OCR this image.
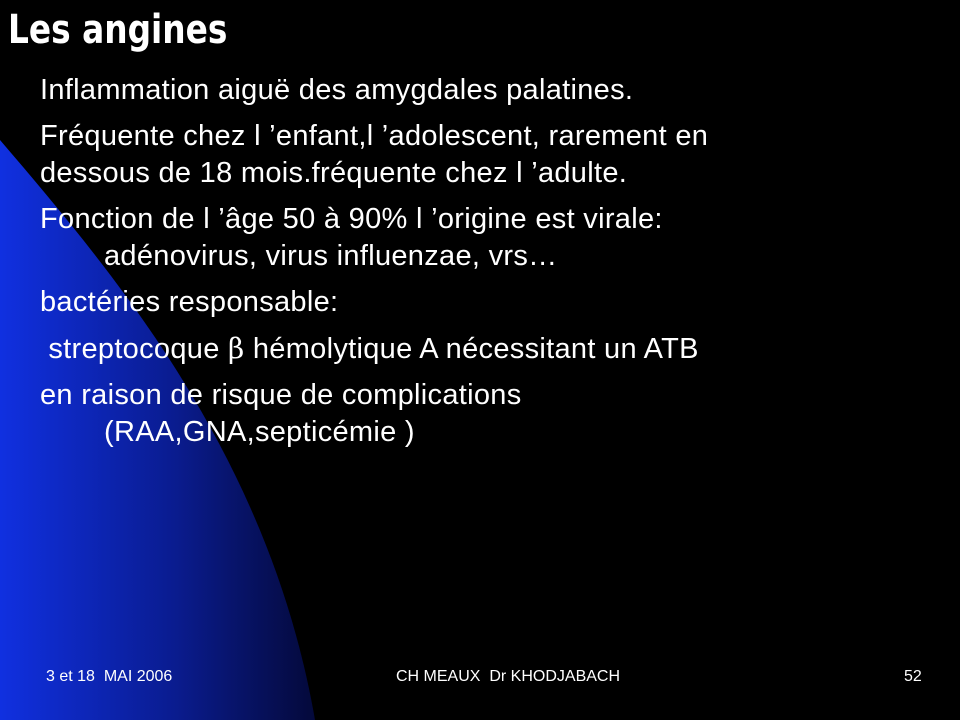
Les angines
Inflammation aiguë des amygdales palatines.
Fréquente chez l ’enfant,l ’adolescent, rarement en
dessous de 18 mois.fréquente chez l ’adulte.
Fonction de l ’âge 50 à 90% l ’origine est virale:
adénovirus, virus influenzae, vrs…
bactéries responsable:
streptocoque β hémolytique A nécessitant un ATB
en raison de risque de complications
(RAA,GNA,septicémie )
3 et 18  MAI 2006	CH MEAUX  Dr KHODJABACH	52
